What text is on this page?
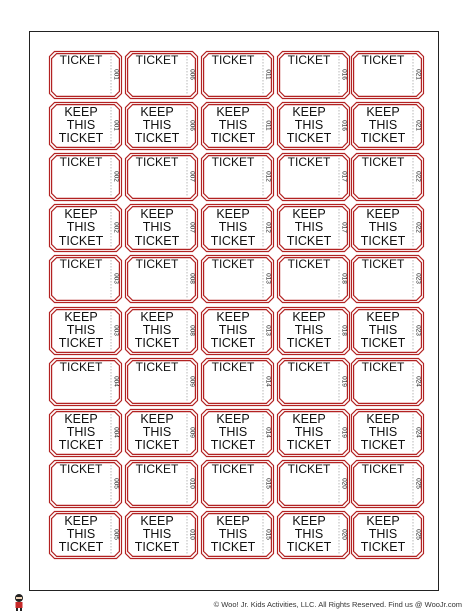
TICKET
001
TICKET
006
TICKET
011
TICKET
016
TICKET
021
KEEP
THIS
TICKET
001
KEEP
THIS
TICKET
006
KEEP
THIS
TICKET
011
KEEP
THIS
TICKET
016
KEEP
THIS
TICKET
021
TICKET
002
TICKET
007
TICKET
012
TICKET
017
TICKET
022
KEEP
THIS
TICKET
002
KEEP
THIS
TICKET
007
KEEP
THIS
TICKET
012
KEEP
THIS
TICKET
017
KEEP
THIS
TICKET
022
TICKET
003
TICKET
008
TICKET
013
TICKET
018
TICKET
023
KEEP
THIS
TICKET
003
KEEP
THIS
TICKET
008
KEEP
THIS
TICKET
013
KEEP
THIS
TICKET
018
KEEP
THIS
TICKET
023
TICKET
004
TICKET
009
TICKET
014
TICKET
019
TICKET
024
KEEP
THIS
TICKET
004
KEEP
THIS
TICKET
009
KEEP
THIS
TICKET
014
KEEP
THIS
TICKET
019
KEEP
THIS
TICKET
024
TICKET
005
TICKET
010
TICKET
015
TICKET
020
TICKET
025
KEEP
THIS
TICKET
005
KEEP
THIS
TICKET
010
KEEP
THIS
TICKET
015
KEEP
THIS
TICKET
020
KEEP
THIS
TICKET
025
© Woo! Jr. Kids Activities, LLC. All Rights Reserved. Find us @ WooJr.com
